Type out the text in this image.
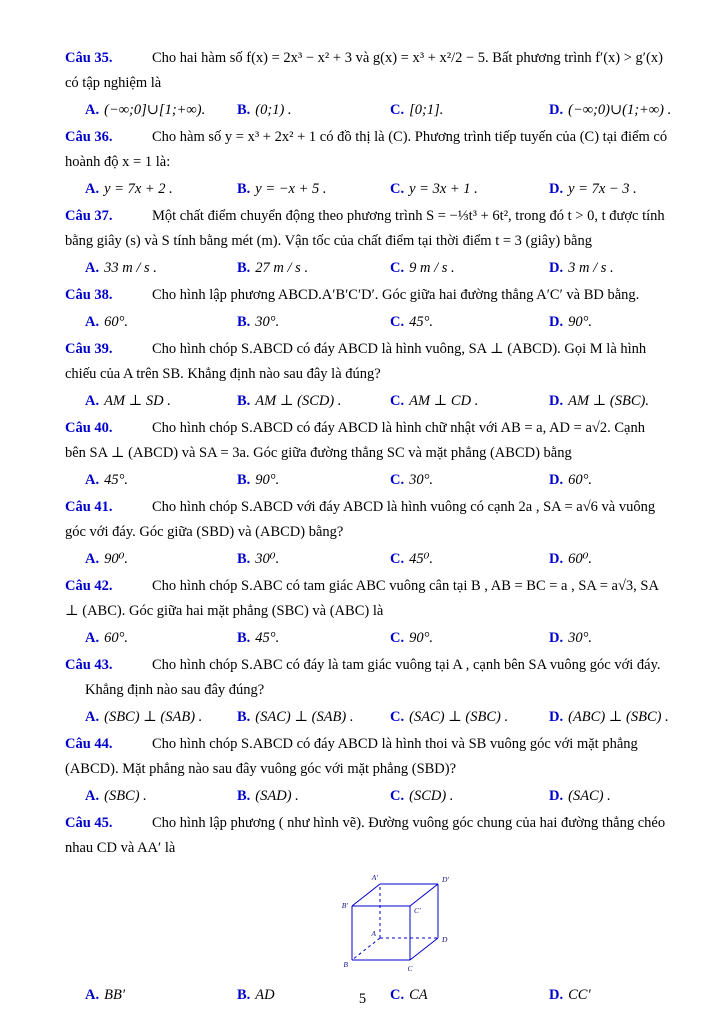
Câu 35.	Cho hai hàm số f(x) = 2x³ − x² + 3 và g(x) = x³ + x²/2 − 5. Bất phương trình f′(x) > g′(x) có tập nghiệm là

A. (−∞;0]∪[1;+∞).	B. (0;1) .	C. [0;1].	D. (−∞;0)∪(1;+∞) .

Câu 36.	Cho hàm số y = x³ + 2x² + 1 có đồ thị là (C). Phương trình tiếp tuyến của (C) tại điểm có hoành độ x = 1 là:

A. y = 7x + 2 .	B. y = −x + 5 .	C. y = 3x + 1 .	D. y = 7x − 3 .

Câu 37.	Một chất điểm chuyển động theo phương trình S = −⅓t³ + 6t², trong đó t > 0, t được tính bằng giây (s) và S tính bằng mét (m). Vận tốc của chất điểm tại thời điểm t = 3 (giây) bằng

A. 33 m / s .	B. 27 m / s .	C. 9 m / s .	D. 3 m / s .

Câu 38.	Cho hình lập phương ABCD.A′B′C′D′. Góc giữa hai đường thẳng A′C′ và BD bằng.

A. 60°.	B. 30°.	C. 45°.	D. 90°.

Câu 39.	Cho hình chóp S.ABCD có đáy ABCD là hình vuông, SA ⊥ (ABCD). Gọi M là hình chiếu của A trên SB. Khẳng định nào sau đây là đúng?

A. AM ⊥ SD .	B. AM ⊥ (SCD) .	C. AM ⊥ CD .	D. AM ⊥ (SBC).

Câu 40.	Cho hình chóp S.ABCD có đáy ABCD là hình chữ nhật với AB = a, AD = a√2. Cạnh bên SA ⊥ (ABCD) và SA = 3a. Góc giữa đường thẳng SC và mặt phẳng (ABCD) bằng

A. 45°.	B. 90°.	C. 30°.	D. 60°.

Câu 41.	Cho hình chóp S.ABCD với đáy ABCD là hình vuông có cạnh 2a , SA = a√6 và vuông góc với đáy. Góc giữa (SBD) và (ABCD) bằng?

A. 90⁰.	B. 30⁰.	C. 45⁰.	D. 60⁰.

Câu 42.	Cho hình chóp S.ABC có tam giác ABC vuông cân tại B , AB = BC = a , SA = a√3, SA ⊥ (ABC). Góc giữa hai mặt phẳng (SBC) và (ABC) là

A. 60°.	B. 45°.	C. 90°.	D. 30°.

Câu 43.	Cho hình chóp S.ABC có đáy là tam giác vuông tại A , cạnh bên SA vuông góc với đáy.

Khẳng định nào sau đây đúng?

A. (SBC) ⊥ (SAB) .	B. (SAC) ⊥ (SAB) .	C. (SAC) ⊥ (SBC) .	D. (ABC) ⊥ (SBC) .

Câu 44.	Cho hình chóp S.ABCD có đáy ABCD là hình thoi và SB vuông góc với mặt phẳng (ABCD). Mặt phẳng nào sau đây vuông góc với mặt phẳng (SBD)?

A. (SBC) .	B. (SAD) .	C. (SCD) .	D. (SAC) .

Câu 45.	Cho hình lập phương ( như hình vẽ). Đường vuông góc chung của hai đường thẳng chéo nhau CD và AA′ là

A′	D′
B′
C′
A
D
B	C
A. BB′	B. AD	C. CA	D. CC′
5
